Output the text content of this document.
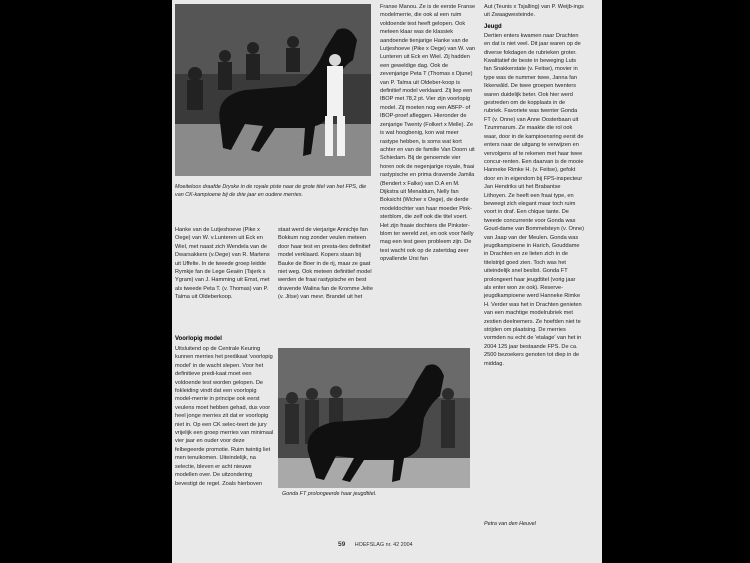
Moeiteloos draafde Dryske in de royale piste naar de grote titel van het FPS, die van CK-kampioene bij de drie jaar en oudere merries.

Hanke van de Lutjeshoeve (Pike x Oege) van W. v.Lunteren uit Eck en Wiel, met naast zich Wendela van de Dwarsakkers (v.Oege) van R. Martens uit Uffelte. In de tweede groep leidde Rymkje fan de Lege Geaën (Tsjerk x Ygram) van J. Hamming uit Emst, met als tweede Peta T. (v. Thomas) van P. Talma uit Oldeberkoop.

staat werd de vierjarige Annichje fan Bokkum nog zonder veulen meteen door haar test en presta-ties definitief model verklaard. Kopers staan bij Bauke de Boer in de rij, maar ze gaat niet weg. Ook meteen definitief model werden de fraai rastypische en best dravende Walina fan de Kromme Jelte (v. Jitse) van mevr. Brandel uit het

Voorlopig model

Uitsluitend op de Centrale Keuring kunnen merries het predikaat 'voorlopig model' in de wacht slepen. Voor het definitieve predi-kaat moet een voldoende test worden gelopen. De fokleiding vindt dat een voorlopig model-merrie in principe ook eerst veulens moet hebben gehad, dus voor heel jonge merries zit dat er voorlopig niet in. Op een CK selec-teert de jury vrijelijk een groep merries van minimaal vier jaar en ouder voor deze felbegeerde promotie. Ruim twintig liet men tenuikomen. Uiteindelijk, na selectie, bleven er acht nieuwe modellen over. De uitzondering bevestigt de regel. Zoals hierboven

Gonda FT prolongeerde haar jeugdtitel.

Franse Manou. Ze is de eerste Franse modelmerrie, die ook al een ruim voldoende test heeft gelopen. Ook meteen klaar was de klassiek aandoende tienjarige Hanke van de Lutjeshoeve (Pike x Oege) van W. van Lunteren uit Eck en Wiel. Zij hadden een geweldige dag. Ook de zevenjarige Peta T (Thomas x Djune) van P. Talma uit Oldeber-koop is definitief model verklaard. Zij liep een IBOP met 78,2 pt. Vier zijn voorlopig model. Zij moeten nog een ABFP- of IBOP-proef afleggen. Hieronder de zenjarige Twenty (Folkert x Melle). Ze is wat hoogbenig, kon wat meer rastype hebben, is soms wat kort achter en van de familie Van Doorn uit Schiedam. Bij de genoemde vier horen ook de negenjarige royale, fraai rastypische en prima dravende Jamila (Bendert x Falke) van D.A en M. Dijkstra uit Menaldum, Nelly fan Boksicht (Wicher x Oege), de derde modeldochter van haar moeder Pink-sterblom, die zelf ook die titel voert. Het zijn fraaie dochters die Pinkster-blom ter wereld zet, en ook voor Nelly mag een test geen probleem zijn. De test wacht ook op de zatertdag zeer opvallende Ursi fan

Aut (Teunis x Tsjalling) van P. Weijb-ings uit Zwaagwesteinde.

Jeugd

Dertien enters kwamen naar Drachten en dat is niet veel. Dit jaar waren op de diverse fokdagen de rubrieken groter. Kwalitatief de beste in beweging Luts fan Snakkerstate (v. Feitse), movier in type was de nummer twee, Janna fan Ikkerwâld. De twee groepen twenters waren duidelijk beter. Ook hier werd gestreden om de kopplaats in de rubriek. Favoriete was twenter Gonda FT (v. Onne) van Anne Oosterbaan uit Tzummarum. Ze maakte die rol ook waar, door in de kampioensring eerst de enters naar de uitgang te verwijzen en vervolgens af te rekenen met haar twee concur-renten. Een daarvan is de mooie Hanneke Rimke H. (v. Feitse), gefokt door en in eigendom bij FPS-inspecteur Jan Hendriks uit het Brabantse Lithoyen. Ze heeft een fraai type, en beweegt zich elegant maar toch ruim voort in draf. Een chique tante. De tweede concurrente voor Gonda was Goud-dame van Bommelsteyn (v. Onne) van Jaap van der Meulen. Gonda was jeugdkampioene in Harich, Gouddame in Drachten en ze lieten zich in de titelstrijd goed zien. Toch was het uiteindelijk snel beslist. Gonda FT prolongeert haar jeugdtitel (vorig jaar als enter won ze ook). Reserve-jeugdkampioene werd Hanneke Rimke H. Verder was het in Drachten genieten van een machtige modelrubriek met zestien deelnemers. Ze hoefden niet te strijden om plaatsing. De merries vormden nu echt de 'etalage' van het in 2004 125 jaar bestaande FPS. De ca. 2500 bezoekers genoten tot diep in de middag.

Petra van den Heuvel

59 HOEFSLAG nr. 42 2004
